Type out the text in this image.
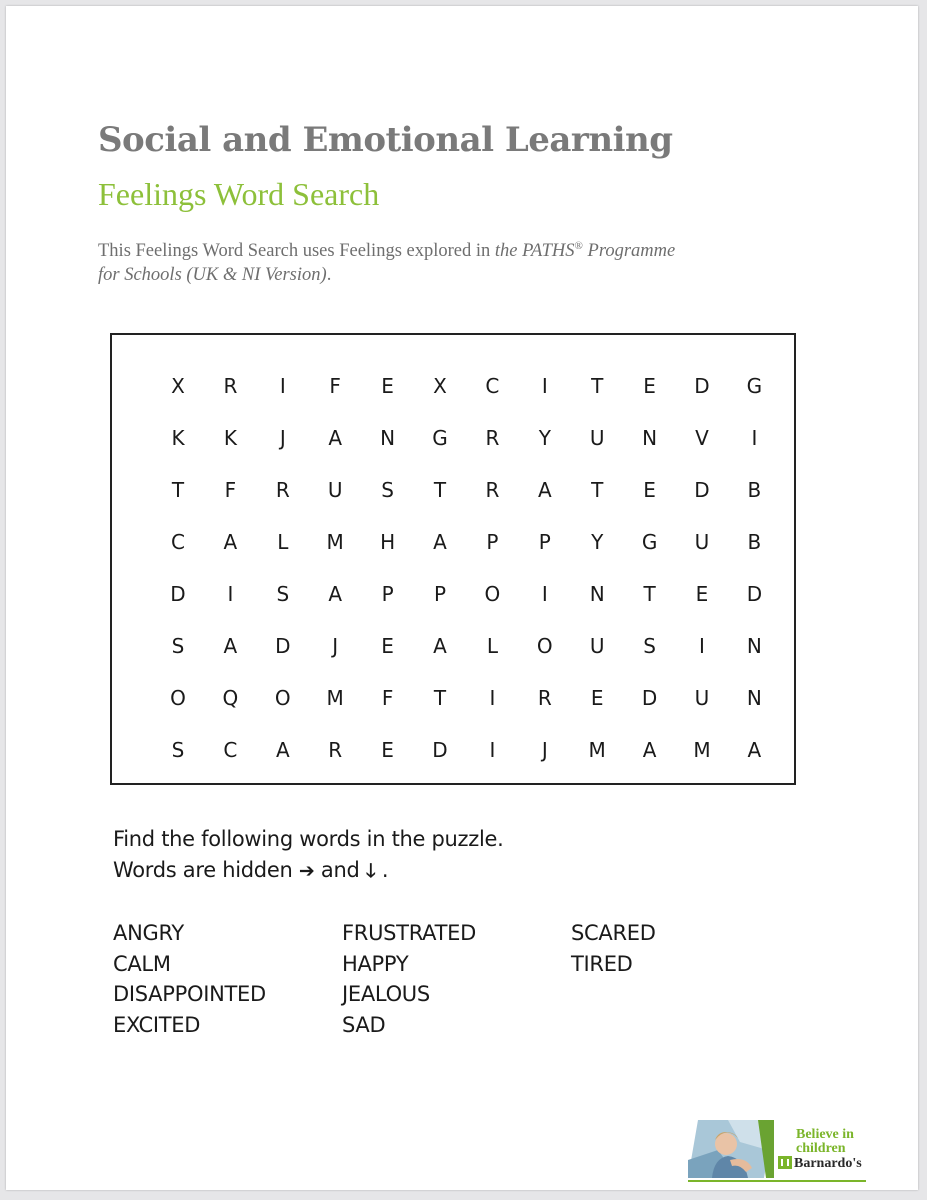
Social and Emotional Learning
Feelings Word Search
This Feelings Word Search uses Feelings explored in the PATHS® Programme
for Schools (UK & NI Version).
X	R	I	F	E	X	C	I	T	E	D	G
K	K	J	A	N	G	R	Y	U	N	V	I
T	F	R	U	S	T	R	A	T	E	D	B
C	A	L	M	H	A	P	P	Y	G	U	B
D	I	S	A	P	P	O	I	N	T	E	D
S	A	D	J	E	A	L	O	U	S	I	N
O	Q	O	M	F	T	I	R	E	D	U	N
S	C	A	R	E	D	I	J	M	A	M	A
Find the following words in the puzzle.
Words are hidden ➔ and 🡓 .
ANGRY
CALM
DISAPPOINTED
EXCITED
FRUSTRATED
HAPPY
JEALOUS
SAD
SCARED
TIRED
Believe in
children
Barnardo's
